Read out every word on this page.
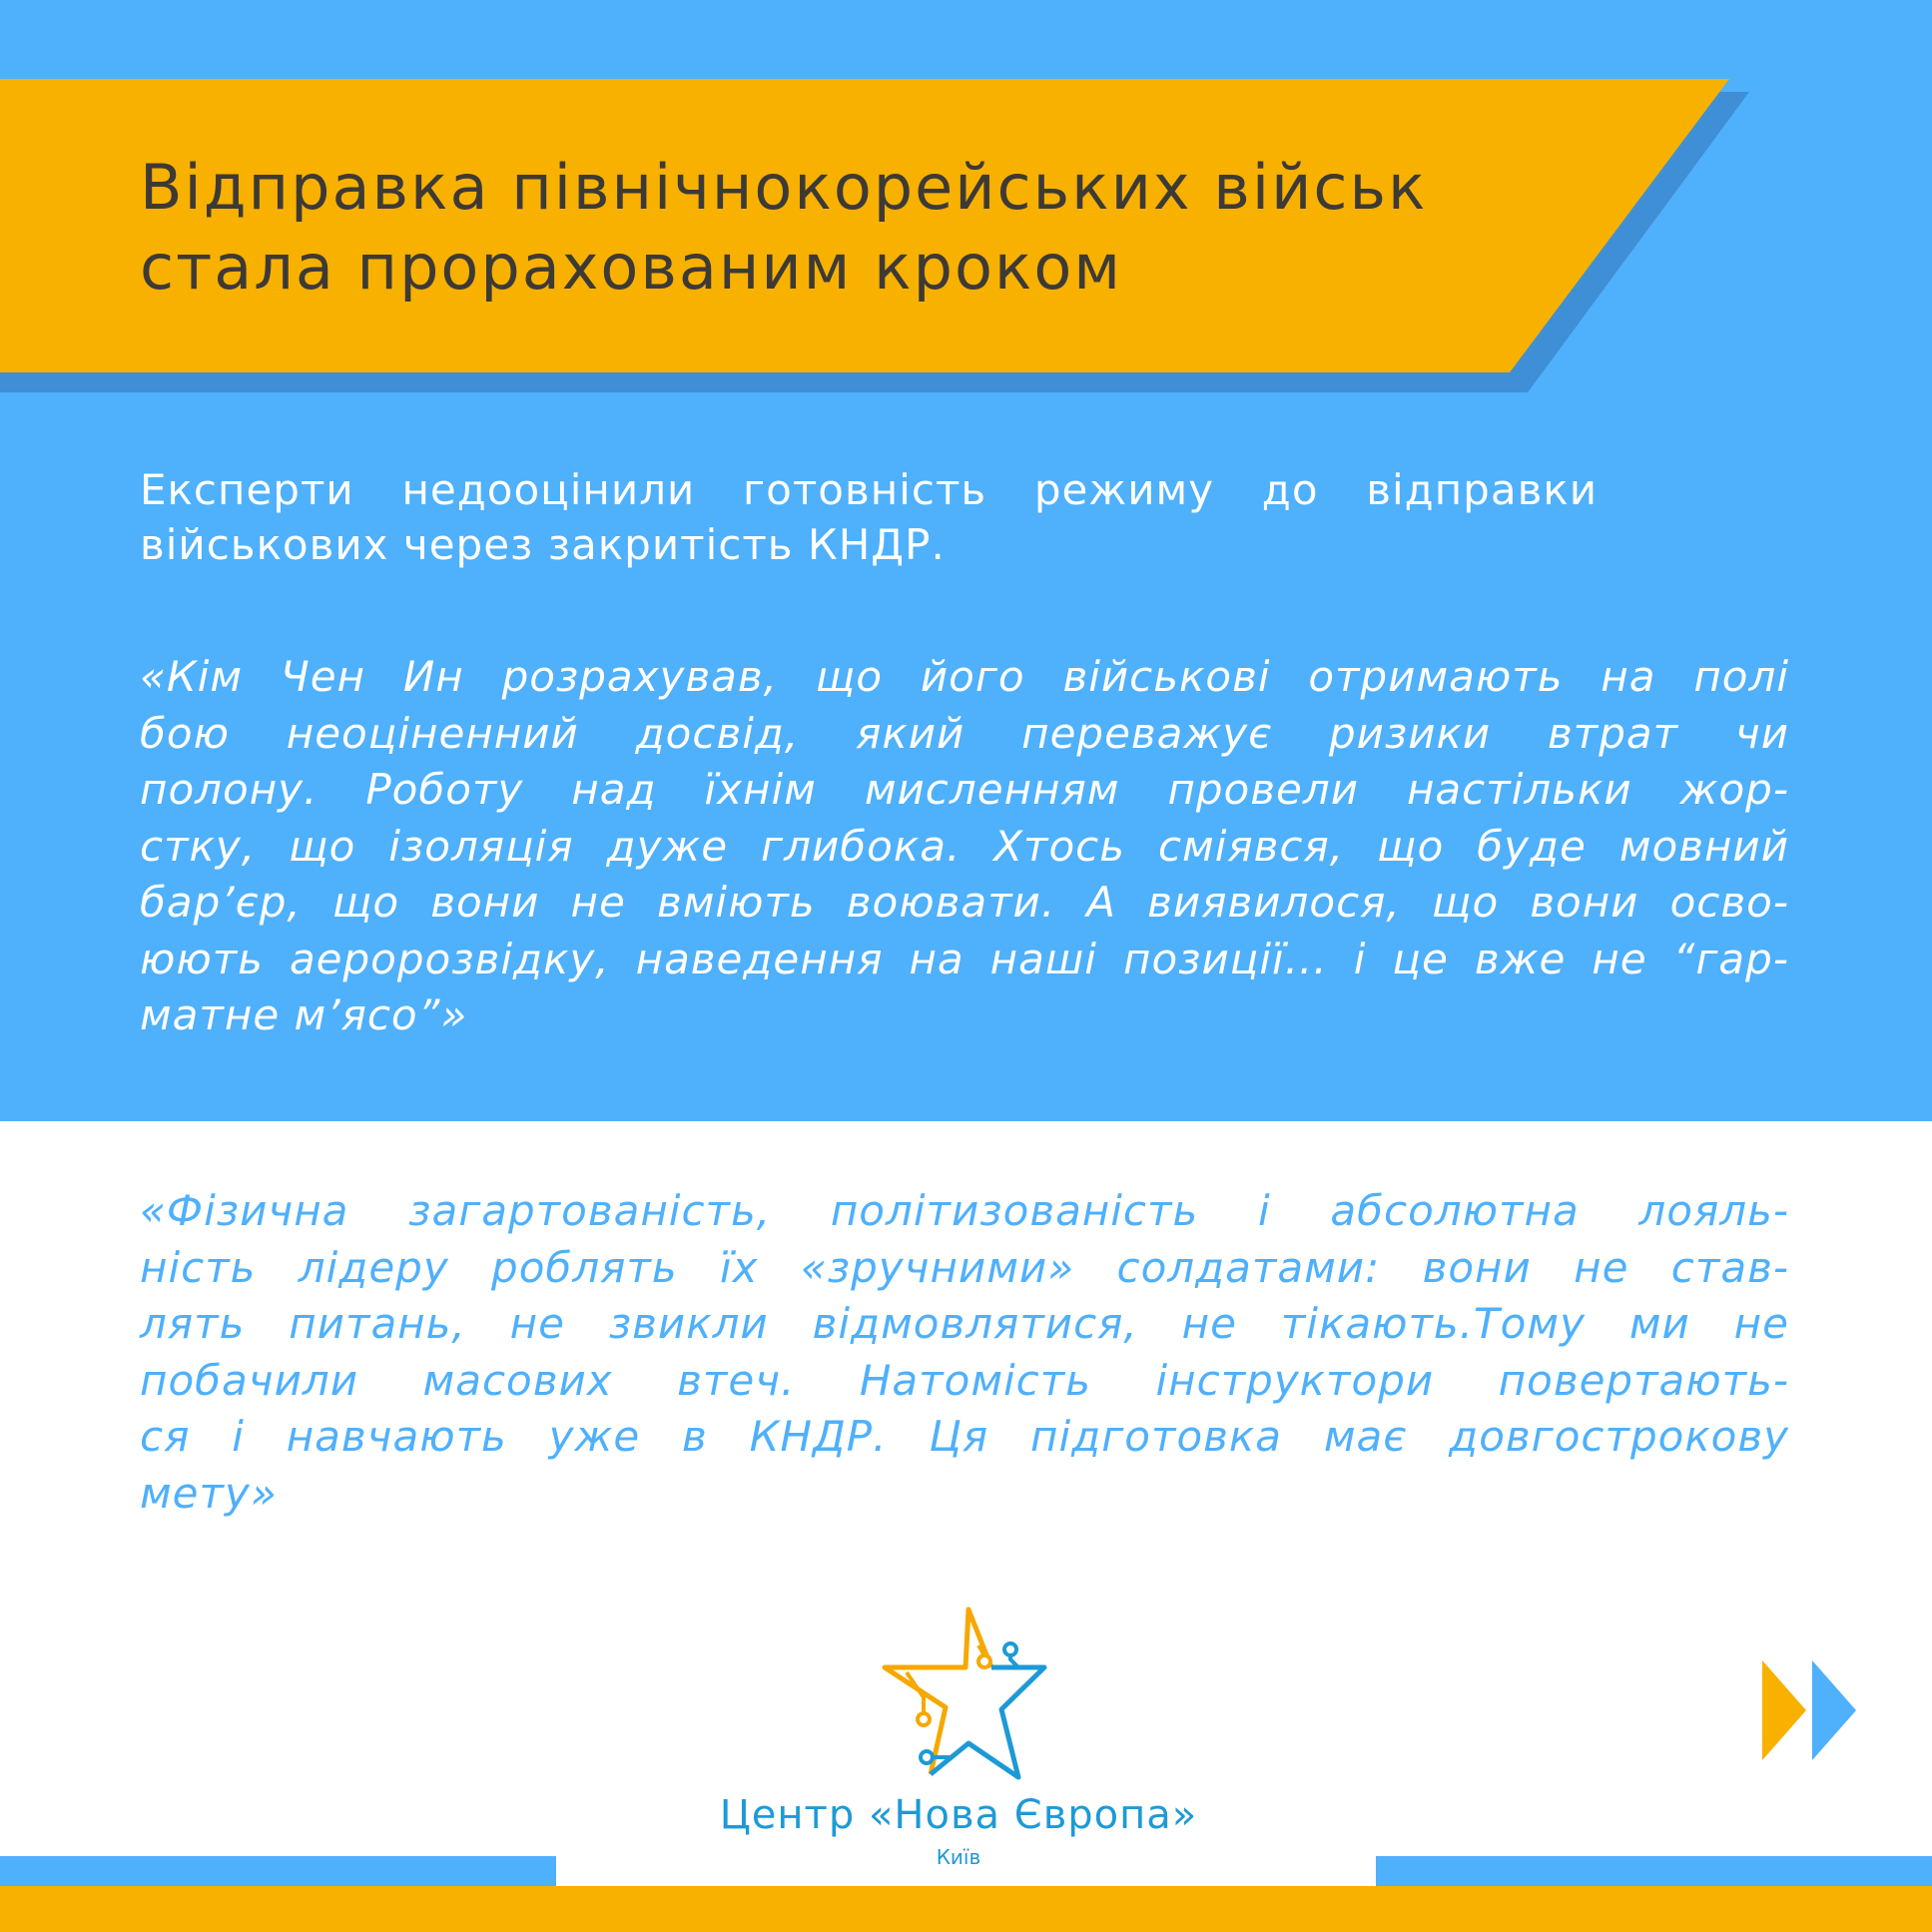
Відправка північнокорейських військ
стала прорахованим кроком

Експерти недооцінили готовність режиму до відправки
військових через закритість КНДР.

«Кім Чен Ин розрахував, що його військові отримають на полі
бою неоціненний досвід, який переважує ризики втрат чи
полону. Роботу над їхнім мисленням провели настільки жор-
стку, що ізоляція дуже глибока. Хтось сміявся, що буде мовний
бар’єр, що вони не вміють воювати. А виявилося, що вони осво-
юють аеророзвідку, наведення на наші позиції... і це вже не “гар-
матне м’ясо”»

«Фізична загартованість, політизованість і абсолютна лояль-
ність лідеру роблять їх «зручними» солдатами: вони не став-
лять питань, не звикли відмовлятися, не тікають.Тому ми не
побачили масових втеч. Натомість інструктори повертають-
ся і навчають уже в КНДР. Ця підготовка має довгострокову
мету»

Центр «Нова Європа»
Київ
